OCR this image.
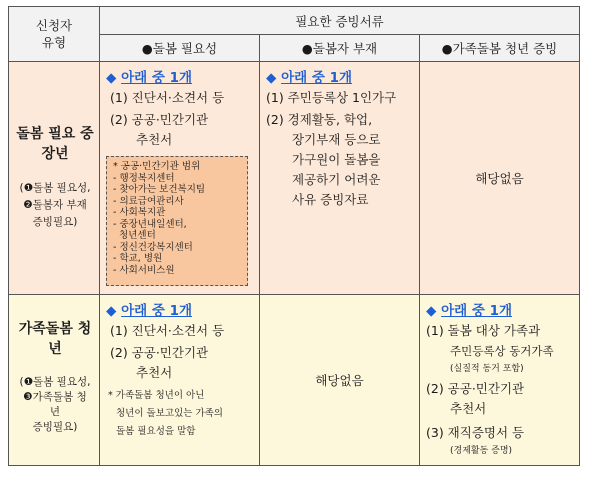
신청자
유형
필요한 증빙서류
●돌봄 필요성	●돌봄자 부재	●가족돌봄 청년 증빙
돌봄 필요 중
장년
(❶돌봄 필요성,
❷돌봄자 부재
증빙필요)
◆ 아래 중 1개
(1) 진단서·소견서 등
(2) 공공·민간기관
추천서
* 공공·민간기관 범위
- 행정복지센터
- 찾아가는 보건복지팀
- 의료급여관리사
- 사회복지관
- 중장년내일센터,
청년센터
- 정신건강복지센터
- 학교, 병원
- 사회서비스원
◆ 아래 중 1개
(1) 주민등록상 1인가구
(2) 경제활동, 학업,
장기부재 등으로
가구원이 돌봄을
제공하기 어려운
사유 증빙자료
해당없음
가족돌봄 청
년
(❶돌봄 필요성,
❸가족돌봄 청
년
증빙필요)
◆ 아래 중 1개
(1) 진단서·소견서 등
(2) 공공·민간기관
추천서
* 가족돌봄 청년이 아닌
청년이 돌보고있는 가족의
돌봄 필요성을 말함
해당없음
◆ 아래 중 1개
(1) 돌봄 대상 가족과
주민등록상 동거가족
(실질적 동거 포함)
(2) 공공·민간기관
추천서
(3) 재직증명서 등
(경제활동 증명)
